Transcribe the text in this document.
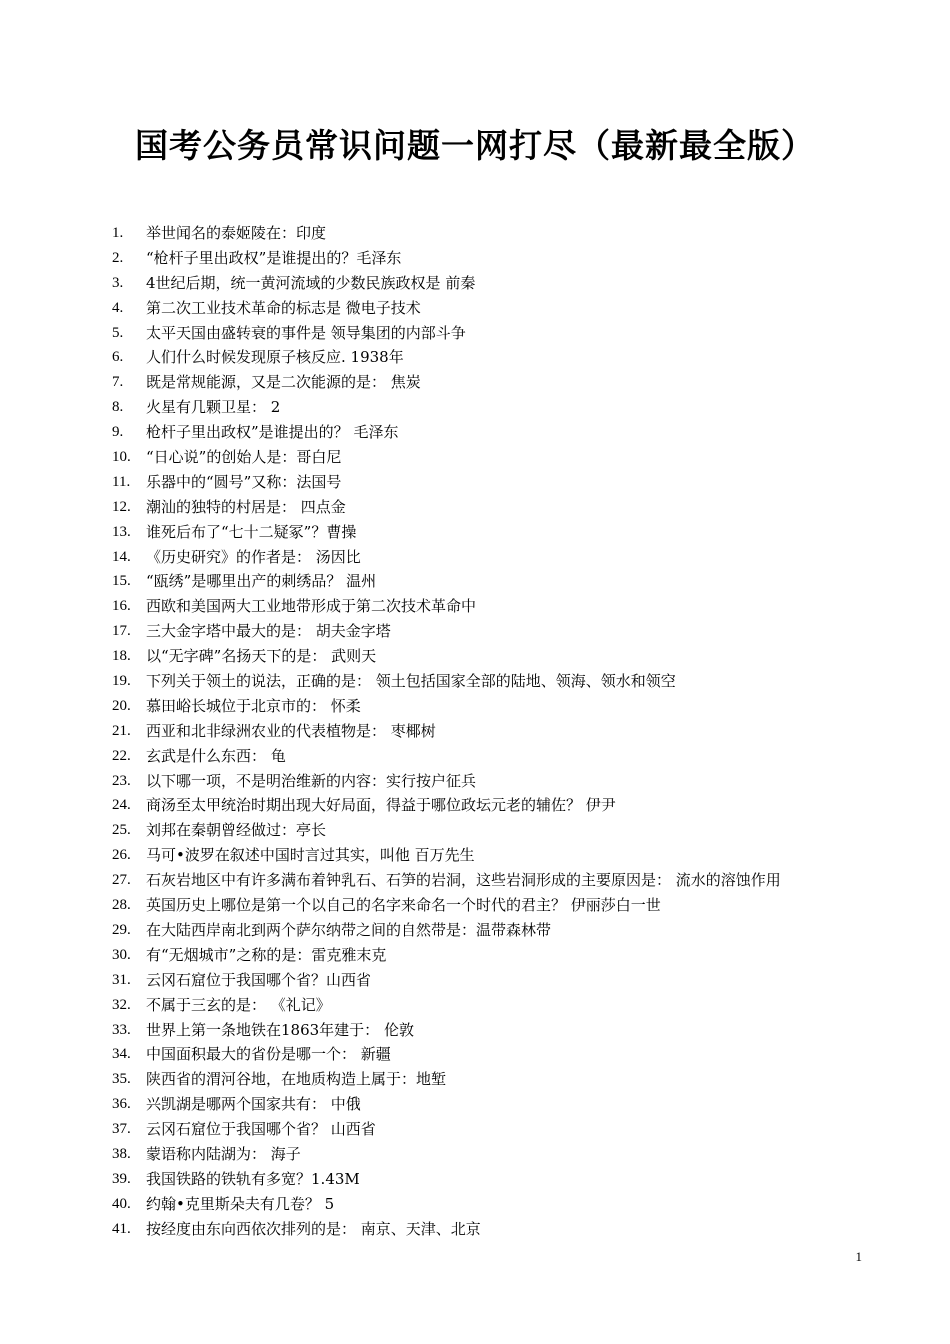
国考公务员常识问题一网打尽（最新最全版）
1.	举世闻名的泰姬陵在：印度
2.	“枪杆子里出政权”是谁提出的？毛泽东
3.	4世纪后期，统一黄河流域的少数民族政权是 前秦
4.	第二次工业技术革命的标志是 微电子技术
5.	太平天国由盛转衰的事件是 领导集团的内部斗争
6.	人们什么时候发现原子核反应. 1938年
7.	既是常规能源，又是二次能源的是： 焦炭
8.	火星有几颗卫星： 2
9.	枪杆子里出政权”是谁提出的？ 毛泽东
10.	“日心说”的创始人是：哥白尼
11.	乐器中的“圆号”又称：法国号
12.	潮汕的独特的村居是： 四点金
13.	谁死后布了“七十二疑冢”？曹操
14.	《历史研究》的作者是： 汤因比
15.	“瓯绣”是哪里出产的刺绣品？ 温州
16.	西欧和美国两大工业地带形成于第二次技术革命中
17.	三大金字塔中最大的是： 胡夫金字塔
18.	以“无字碑”名扬天下的是： 武则天
19.	下列关于领土的说法，正确的是： 领土包括国家全部的陆地、领海、领水和领空
20.	慕田峪长城位于北京市的： 怀柔
21.	西亚和北非绿洲农业的代表植物是： 枣椰树
22.	玄武是什么东西： 龟
23.	以下哪一项，不是明治维新的内容：实行按户征兵
24.	商汤至太甲统治时期出现大好局面，得益于哪位政坛元老的辅佐？ 伊尹
25.	刘邦在秦朝曾经做过：亭长
26.	马可•波罗在叙述中国时言过其实，叫他 百万先生
27.	石灰岩地区中有许多满布着钟乳石、石笋的岩洞，这些岩洞形成的主要原因是： 流水的溶蚀作用
28.	英国历史上哪位是第一个以自己的名字来命名一个时代的君主？ 伊丽莎白一世
29.	在大陆西岸南北到两个萨尔纳带之间的自然带是：温带森林带
30.	有“无烟城市”之称的是：雷克雅末克
31.	云冈石窟位于我国哪个省？山西省
32.	不属于三玄的是： 《礼记》
33.	世界上第一条地铁在1863年建于： 伦敦
34.	中国面积最大的省份是哪一个： 新疆
35.	陕西省的渭河谷地，在地质构造上属于：地堑
36.	兴凯湖是哪两个国家共有： 中俄
37.	云冈石窟位于我国哪个省？ 山西省
38.	蒙语称内陆湖为： 海子
39.	我国铁路的铁轨有多宽？1.43M
40.	约翰•克里斯朵夫有几卷？ 5
41.	按经度由东向西依次排列的是： 南京、天津、北京
1
